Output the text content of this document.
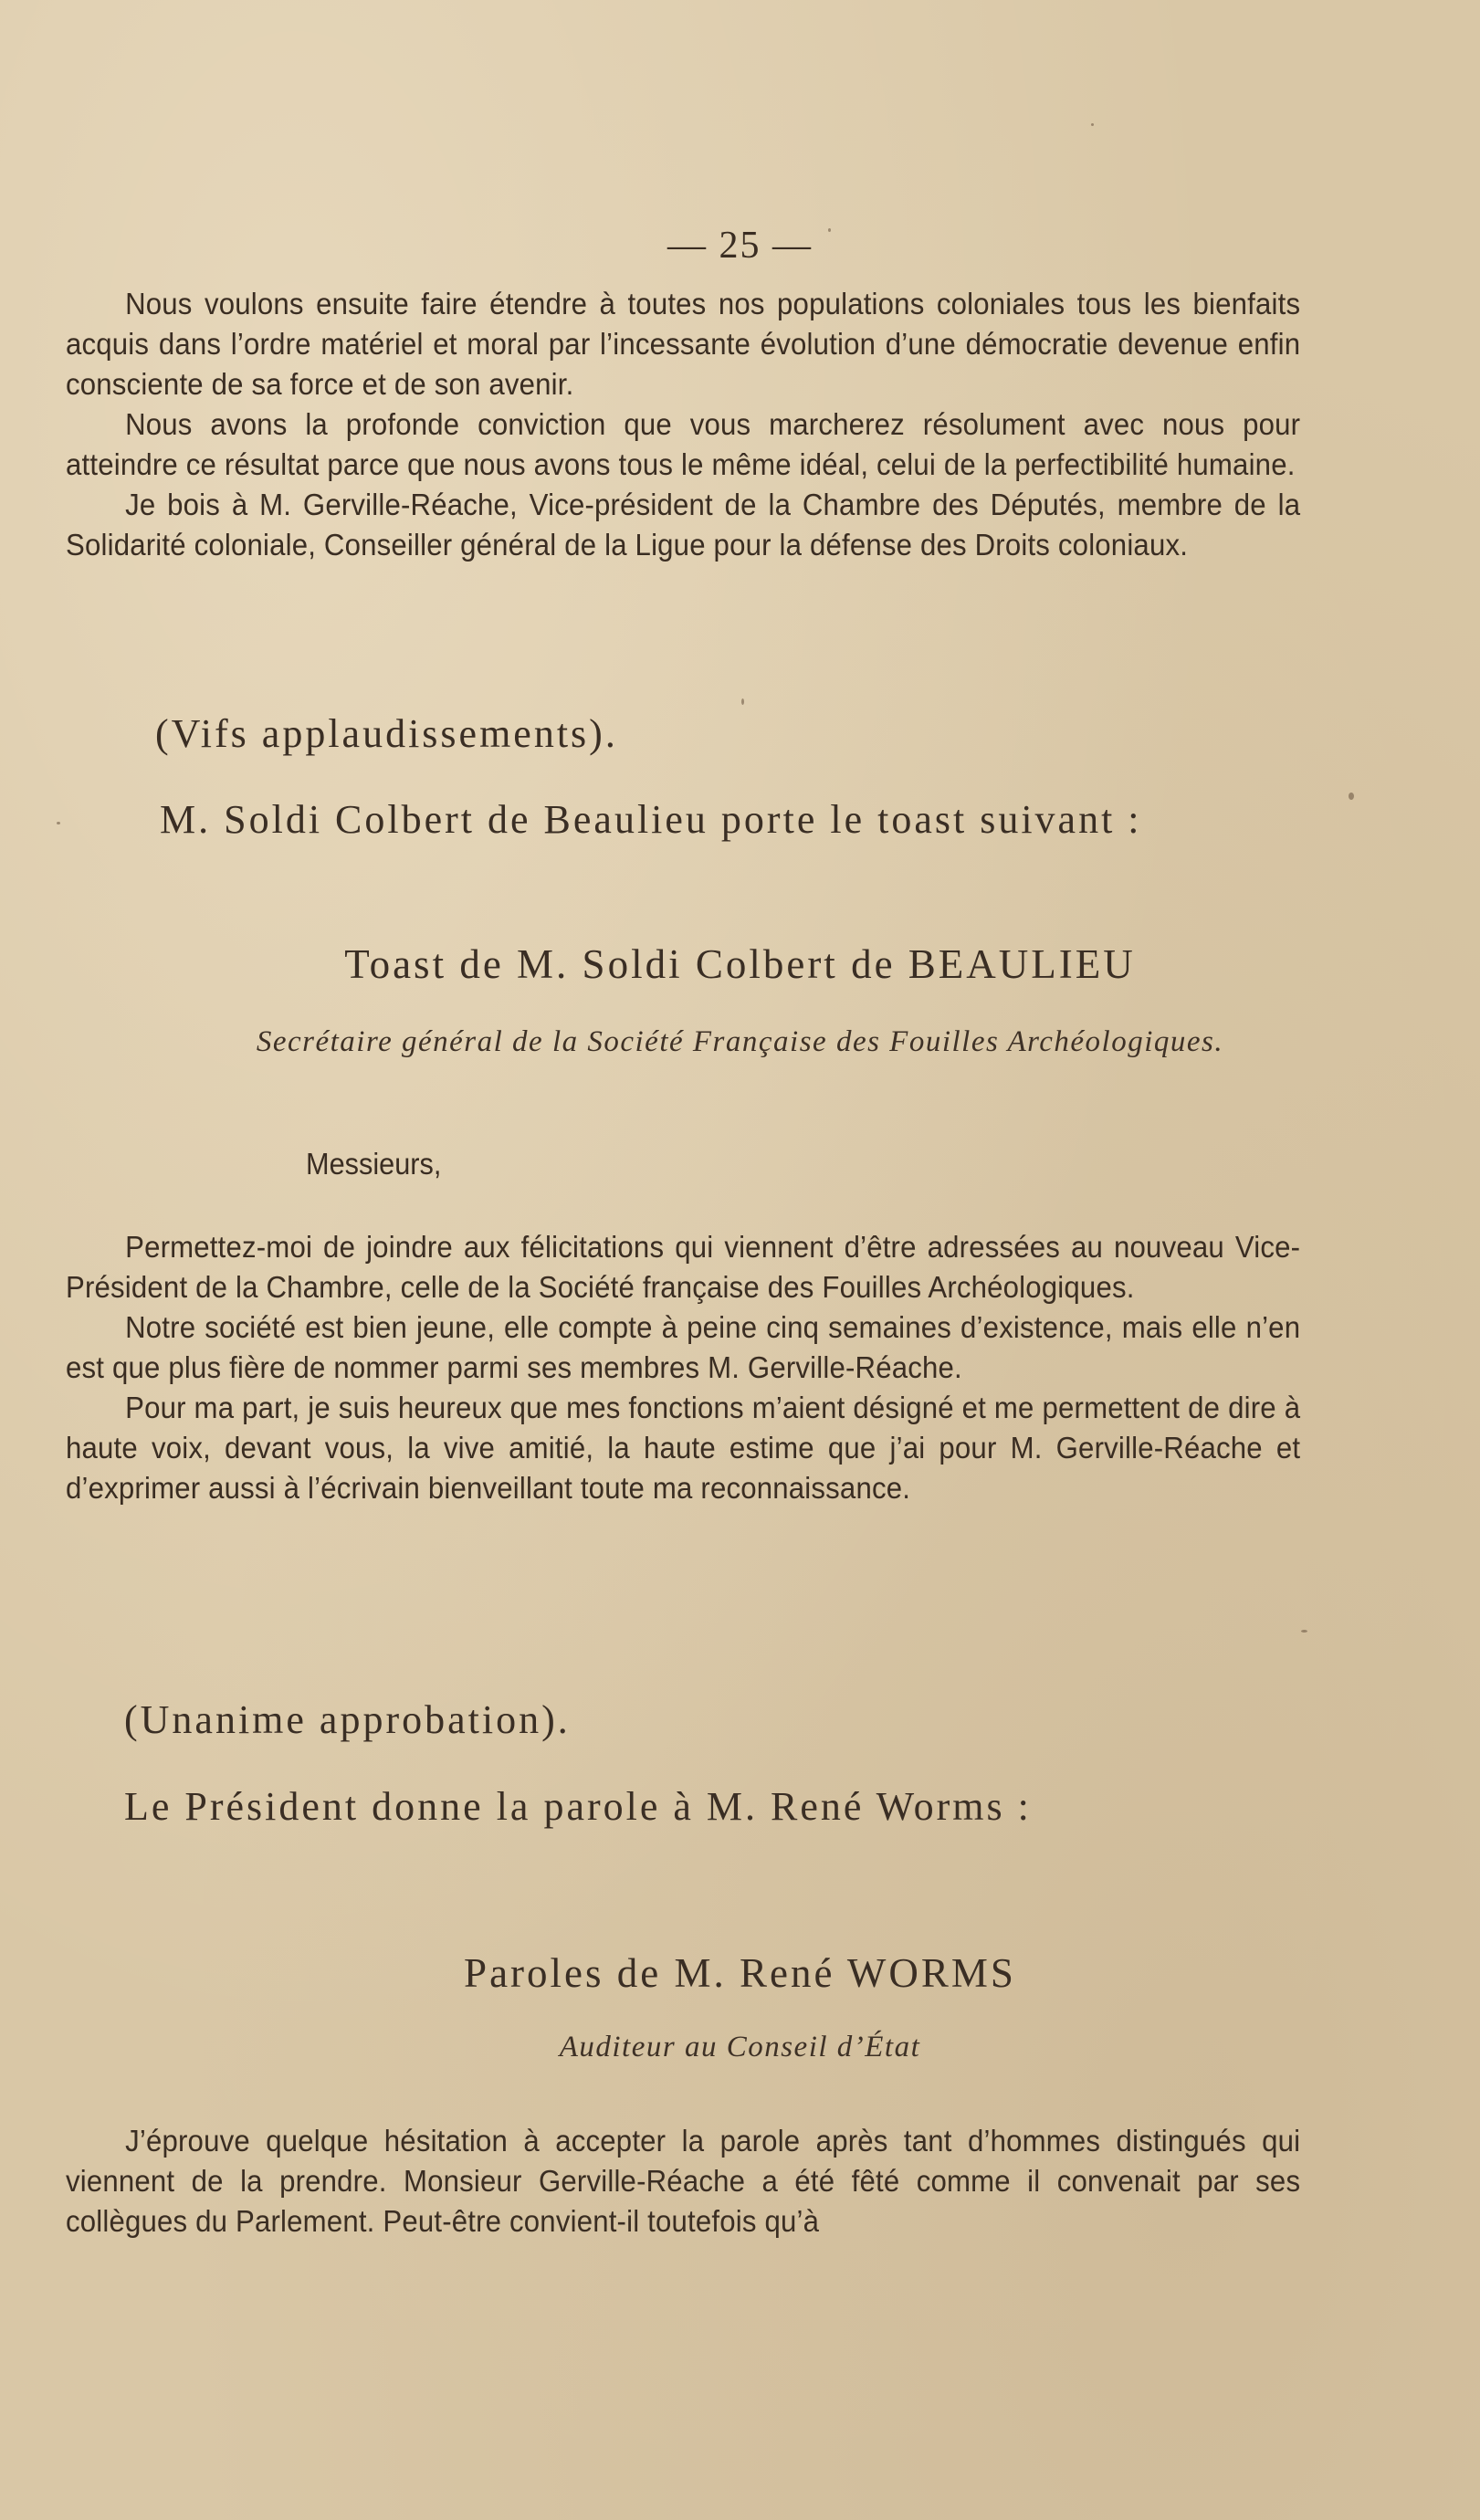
— 25 —

Nous voulons ensuite faire étendre à toutes nos populations coloniales tous les bienfaits acquis dans l’ordre matériel et moral par l’incessante évolution d’une démocratie devenue enfin consciente de sa force et de son avenir.

Nous avons la profonde conviction que vous marcherez résolument avec nous pour atteindre ce résultat parce que nous avons tous le même idéal, celui de la perfectibilité humaine.

Je bois à M. Gerville-Réache, Vice-président de la Chambre des Députés, membre de la Solidarité coloniale, Conseiller général de la Ligue pour la défense des Droits coloniaux.

(Vifs applaudissements).
M. Soldi Colbert de Beaulieu porte le toast suivant :
Toast de M. Soldi Colbert de BEAULIEU
Secrétaire général de la Société Française des Fouilles Archéologiques.
Messieurs,

Permettez-moi de joindre aux félicitations qui viennent d’être adressées au nouveau Vice-Président de la Chambre, celle de la Société française des Fouilles Archéologiques.

Notre société est bien jeune, elle compte à peine cinq semaines d’existence, mais elle n’en est que plus fière de nommer parmi ses membres M. Gerville-Réache.

Pour ma part, je suis heureux que mes fonctions m’aient désigné et me permettent de dire à haute voix, devant vous, la vive amitié, la haute estime que j’ai pour M. Gerville-Réache et d’exprimer aussi à l’écrivain bienveillant toute ma reconnaissance.

(Unanime approbation).
Le Président donne la parole à M. René Worms :
Paroles de M. René WORMS
Auditeur au Conseil d’État

J’éprouve quelque hésitation à accepter la parole après tant d’hommes distingués qui viennent de la prendre. Monsieur Gerville-Réache a été fêté comme il convenait par ses collègues du Parlement. Peut-être convient-il toutefois qu’à
